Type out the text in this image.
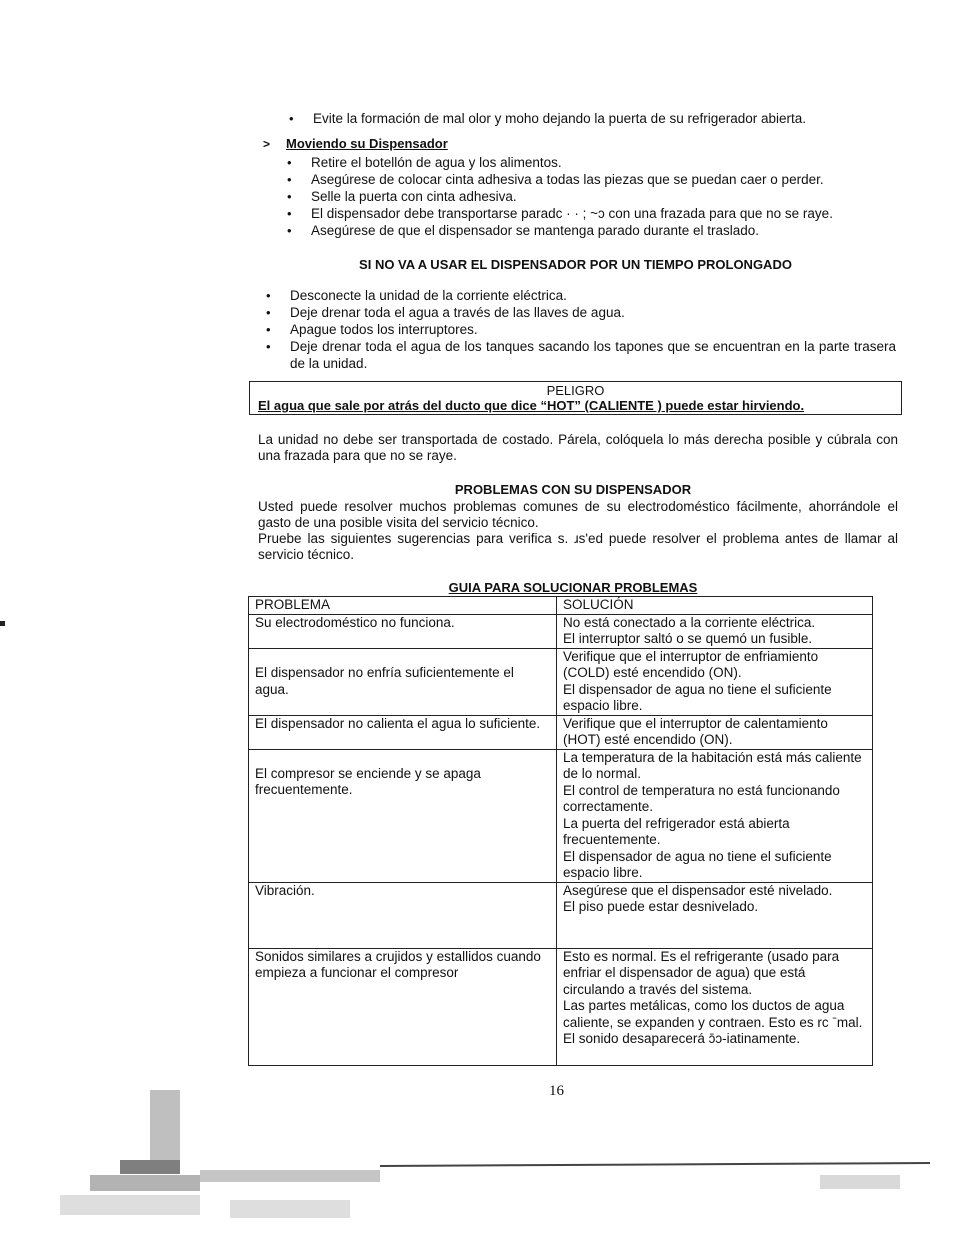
• Evite la formación de mal olor y moho dejando la puerta de su refrigerador abierta.
> Moviendo su Dispensador
• Retire el botellón de agua y los alimentos.
• Asegúrese de colocar cinta adhesiva a todas las piezas que se puedan caer o perder.
• Selle la puerta con cinta adhesiva.
• El dispensador debe transportarse paradc · · ; ~ɔ con una frazada para que no se raye.
• Asegúrese de que el dispensador se mantenga parado durante el traslado.
SI NO VA A USAR EL DISPENSADOR POR UN TIEMPO PROLONGADO
• Desconecte la unidad de la corriente eléctrica.
• Deje drenar toda el agua a través de las llaves de agua.
• Apague todos los interruptores.
• Deje drenar toda el agua de los tanques sacando los tapones que se encuentran en la parte trasera de la unidad.
PELIGRO
El agua que sale por atrás del ducto que dice “HOT” (CALIENTE ) puede estar hirviendo.

La unidad no debe ser transportada de costado. Párela, colóquela lo más derecha posible y cúbrala con una frazada para que no se raye.

PROBLEMAS CON SU DISPENSADOR

Usted puede resolver muchos problemas comunes de su electrodoméstico fácilmente, ahorrándole el gasto de una posible visita del servicio técnico.

Pruebe las siguientes sugerencias para verifica s. ɹs'ed puede resolver el problema antes de llamar al servicio técnico.

GUIA PARA SOLUCIONAR PROBLEMAS
PROBLEMA	SOLUCIÓN
Su electrodoméstico no funciona.	No está conectado a la corriente eléctrica.
El interruptor saltó o se quemó un fusible.

El dispensador no enfría suficientemente el agua.	Verifique que el interruptor de enfriamiento (COLD) esté encendido (ON).
El dispensador de agua no tiene el suficiente espacio libre.

El dispensador no calienta el agua lo suficiente.	Verifique que el interruptor de calentamiento (HOT) esté encendido (ON).

El compresor se enciende y se apaga frecuentemente.	La temperatura de la habitación está más caliente de lo normal.
El control de temperatura no está funcionando correctamente.
La puerta del refrigerador está abierta frecuentemente.
El dispensador de agua no tiene el suficiente espacio libre.

Vibración.	Asegúrese que el dispensador esté nivelado.
El piso puede estar desnivelado.

Sonidos similares a crujidos y estallidos cuando empieza a funcionar el compresor	Esto es normal. Es el refrigerante (usado para enfriar el dispensador de agua) que está circulando a través del sistema.
Las partes metálicas, como los ductos de agua caliente, se expanden y contraen. Esto es rc ˉmal. El sonido desaparecerá ɔ̄ɔ-iatinamente.
16
